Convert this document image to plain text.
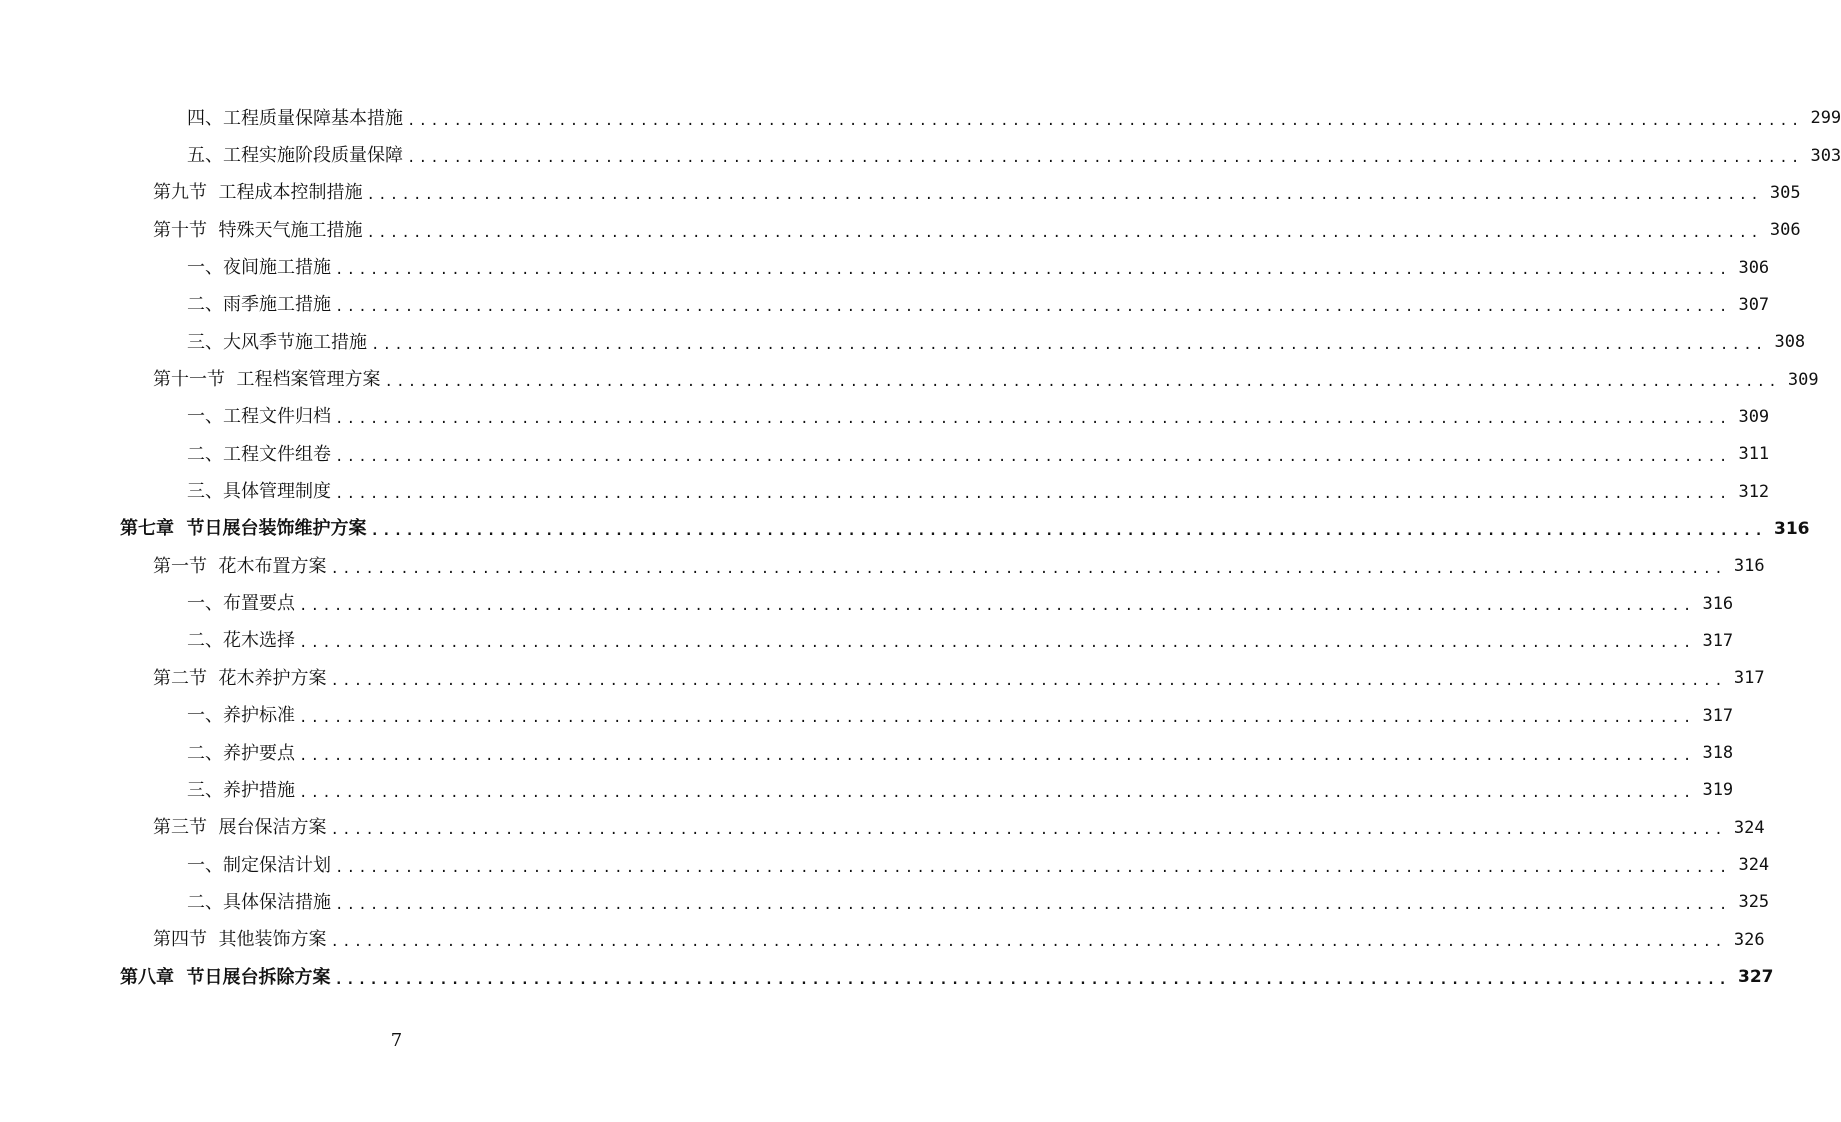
四、工程质量保障基本措施 ........................................................................................................................ 299
五、工程实施阶段质量保障 ........................................................................................................................ 303
第九节  工程成本控制措施 ........................................................................................................................ 305
第十节  特殊天气施工措施 ........................................................................................................................ 306
一、夜间施工措施 ........................................................................................................................ 306
二、雨季施工措施 ........................................................................................................................ 307
三、大风季节施工措施 ........................................................................................................................ 308
第十一节  工程档案管理方案 ........................................................................................................................ 309
一、工程文件归档 ........................................................................................................................ 309
二、工程文件组卷 ........................................................................................................................ 311
三、具体管理制度 ........................................................................................................................ 312
第七章  节日展台装饰维护方案 ........................................................................................................................ 316
第一节  花木布置方案 ........................................................................................................................ 316
一、布置要点 ........................................................................................................................ 316
二、花木选择 ........................................................................................................................ 317
第二节  花木养护方案 ........................................................................................................................ 317
一、养护标准 ........................................................................................................................ 317
二、养护要点 ........................................................................................................................ 318
三、养护措施 ........................................................................................................................ 319
第三节  展台保洁方案 ........................................................................................................................ 324
一、制定保洁计划 ........................................................................................................................ 324
二、具体保洁措施 ........................................................................................................................ 325
第四节  其他装饰方案 ........................................................................................................................ 326
第八章  节日展台拆除方案 ........................................................................................................................ 327
7
